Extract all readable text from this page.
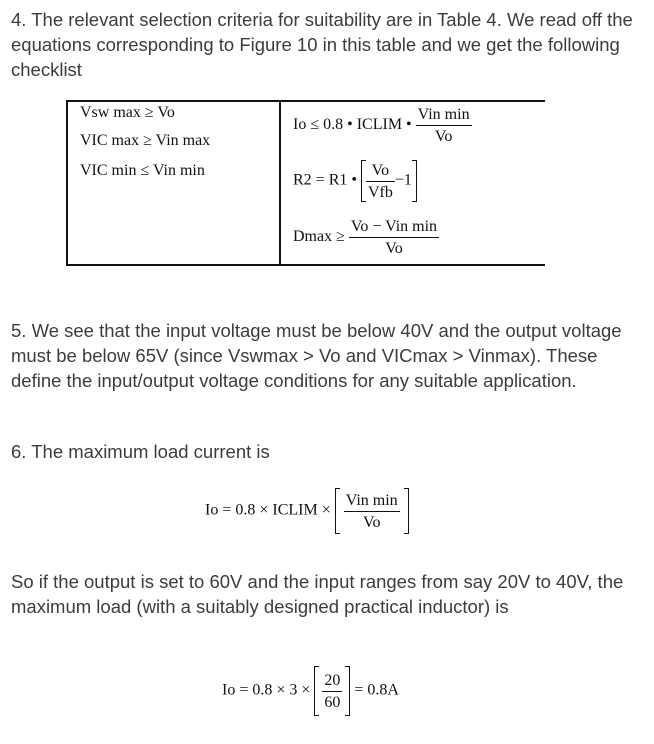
4. The relevant selection criteria for suitability are in Table 4. We read off the equations corresponding to Figure 10 in this table and we get the following checklist

Vsw max ≥ Vo
VIC max ≥ Vin max
VIC min ≤ Vin min
Io ≤ 0.8 • ICLIM • $\frac{\text{Vin min}}{Vo}$
R2 = R1 • $\frac{Vo}{\text{Vfb}} -1$
$Dmax \ge \frac{\text{Vo − Vin min}}{Vo}$

5. We see that the input voltage must be below 40V and the output voltage must be below 65V (since Vswmax > Vo and VICmax > Vinmax). These define the input/output voltage conditions for any suitable application.

6. The maximum load current is

Io = 0.8 × ICLIM × $\frac{\text{Vin min}}{Vo}$

So if the output is set to 60V and the input ranges from say 20V to 40V, the maximum load (with a suitably designed practical inductor) is

$Io = 0.8 \times 3 \times \frac{20}{60} = 0.8A$
